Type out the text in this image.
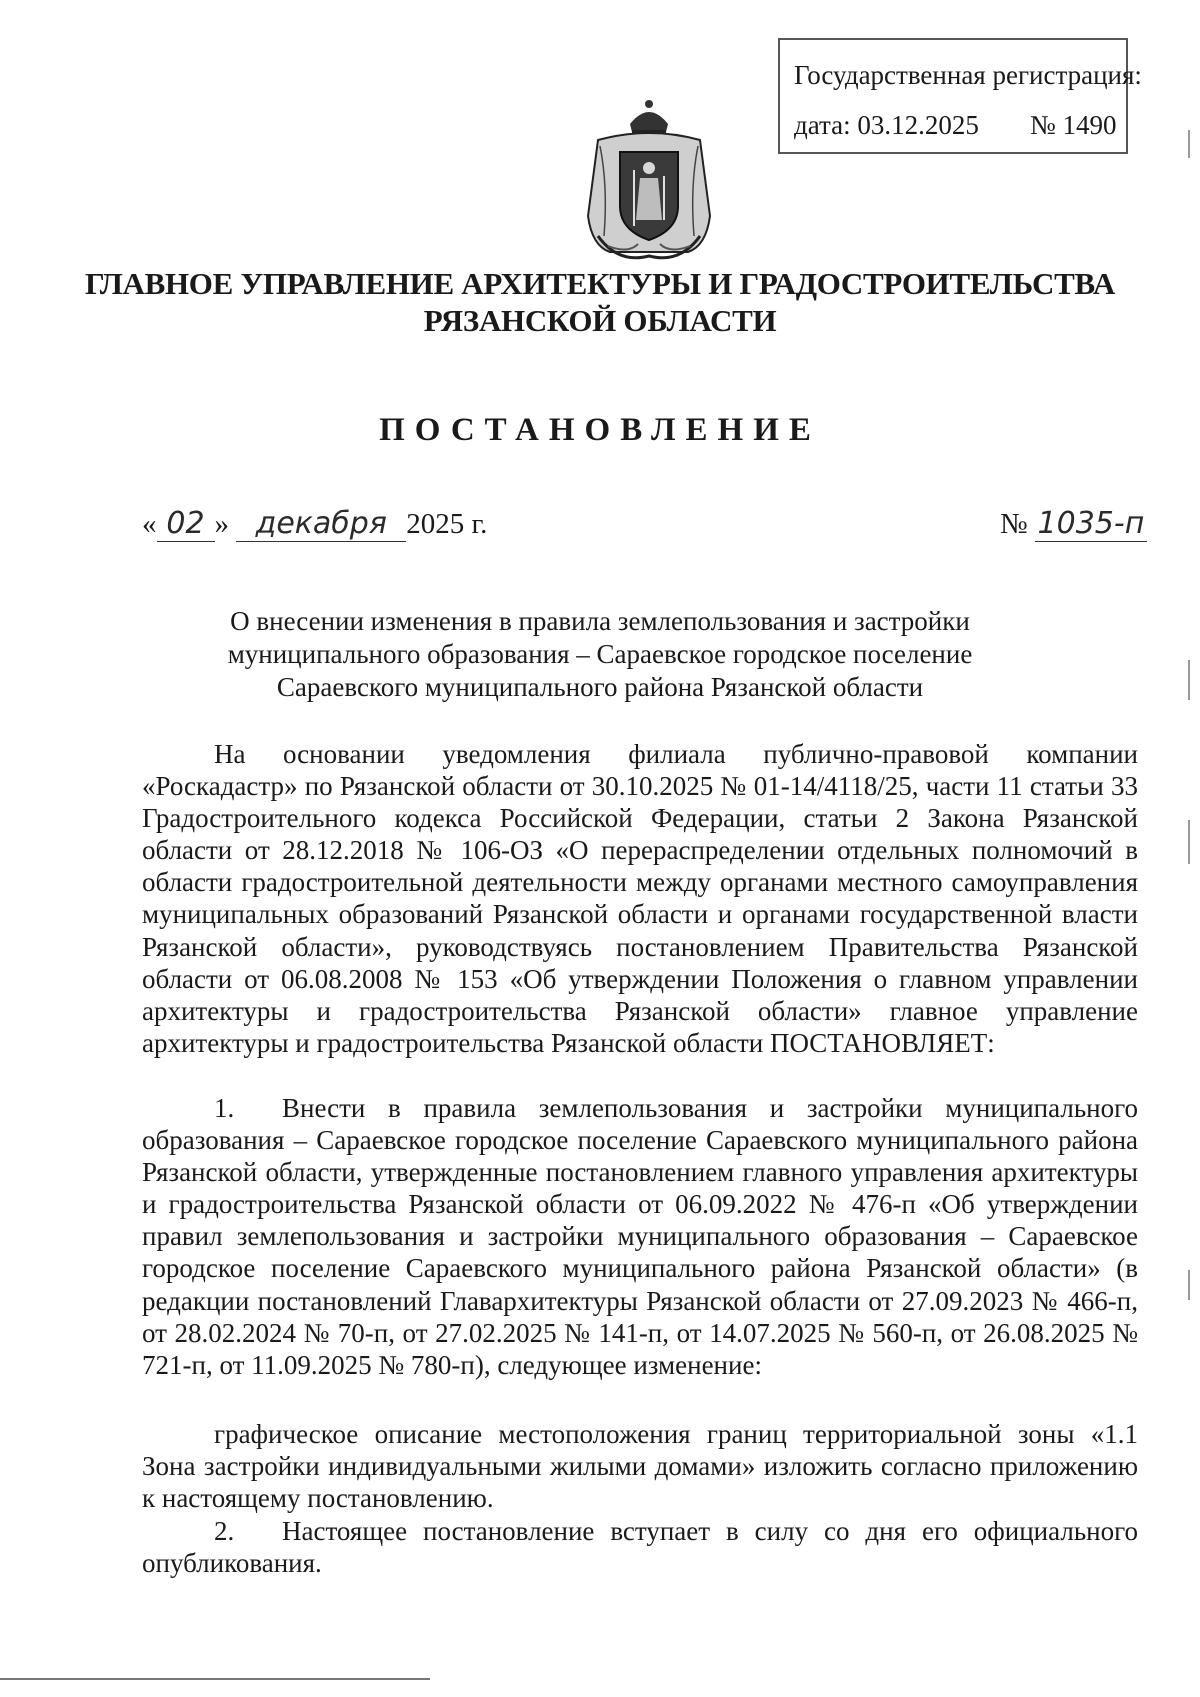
Государственная регистрация:
дата: 03.12.2025 № 1490
ГЛАВНОЕ УПРАВЛЕНИЕ АРХИТЕКТУРЫ И ГРАДОСТРОИТЕЛЬСТВА
РЯЗАНСКОЙ ОБЛАСТИ
ПОСТАНОВЛЕНИЕ
« 02 » декабря 2025 г.	№ 1035-п
О внесении изменения в правила землепользования и застройки
муниципального образования – Сараевское городское поселение
Сараевского муниципального района Рязанской области

На основании уведомления филиала публично-правовой компании «Роскадастр» по Рязанской области от 30.10.2025 № 01-14/4118/25, части 11 статьи 33 Градостроительного кодекса Российской Федерации, статьи 2 Закона Рязанской области от 28.12.2018 № 106-ОЗ «О перераспределении отдельных полномочий в области градостроительной деятельности между органами местного самоуправления муниципальных образований Рязанской области и органами государственной власти Рязанской области», руководствуясь постановлением Правительства Рязанской области от 06.08.2008 № 153 «Об утверждении Положения о главном управлении архитектуры и градостроительства Рязанской области» главное управление архитектуры и градостроительства Рязанской области ПОСТАНОВЛЯЕТ:

1. Внести в правила землепользования и застройки муниципального образования – Сараевское городское поселение Сараевского муниципального района Рязанской области, утвержденные постановлением главного управления архитектуры и градостроительства Рязанской области от 06.09.2022 № 476-п «Об утверждении правил землепользования и застройки муниципального образования – Сараевское городское поселение Сараевского муниципального района Рязанской области» (в редакции постановлений Главархитектуры Рязанской области от 27.09.2023 № 466-п, от 28.02.2024 № 70-п, от 27.02.2025 № 141-п, от 14.07.2025 № 560-п, от 26.08.2025 № 721-п, от 11.09.2025 № 780-п), следующее изменение:

графическое описание местоположения границ территориальной зоны «1.1 Зона застройки индивидуальными жилыми домами» изложить согласно приложению к настоящему постановлению.

2. Настоящее постановление вступает в силу со дня его официального опубликования.
